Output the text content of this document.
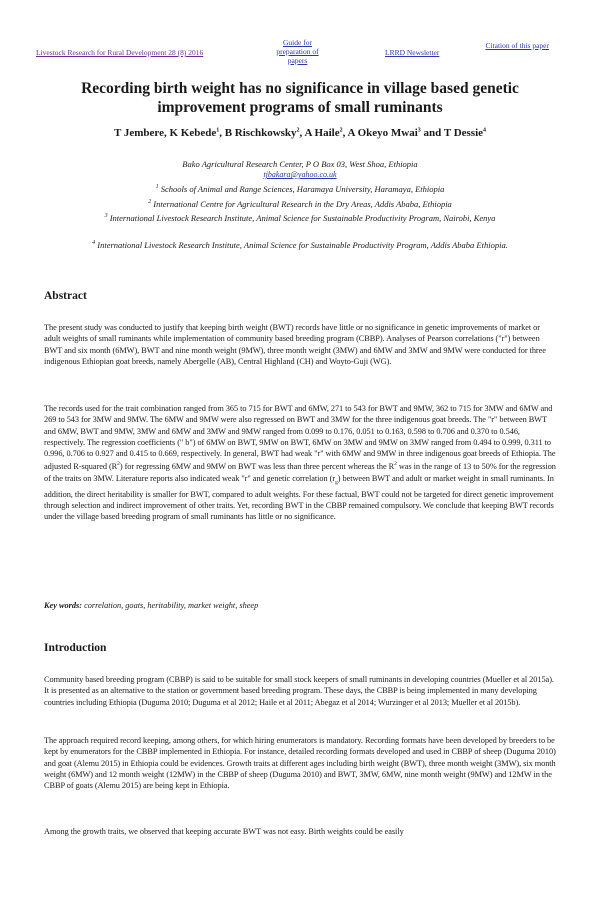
Livestock Research for Rural Development 28 (8) 2016
Guide for preparation of papers
LRRD Newsletter
Citation of this paper
Recording birth weight has no significance in village based genetic improvement programs of small ruminants
T Jembere, K Kebede$^1$, B Rischkowsky$^2$, A Haile$^2$, A Okeyo Mwai$^3$ and T Dessie$^4$
Bako Agricultural Research Center, P O Box 03, West Shoa, Ethiopia
tjbakara@yahoo.co.uk
$^1$ Schools of Animal and Range Sciences, Haramaya University, Haramaya, Ethiopia
$^2$ International Centre for Agricultural Research in the Dry Areas, Addis Ababa, Ethiopia
$^3$ International Livestock Research Institute, Animal Science for Sustainable Productivity Program, Nairobi, Kenya
$^4$ International Livestock Research Institute, Animal Science for Sustainable Productivity Program, Addis Ababa Ethiopia.
Abstract
The present study was conducted to justify that keeping birth weight (BWT) records have little or no significance in genetic improvements of market or adult weights of small ruminants while implementation of community based breeding program (CBBP). Analyses of Pearson correlations ("r") between BWT and six month (6MW), BWT and nine month weight (9MW), three month weight (3MW) and 6MW and 3MW and 9MW were conducted for three indigenous Ethiopian goat breeds, namely Abergelle (AB), Central Highland (CH) and Woyto-Guji (WG).
The records used for the trait combination ranged from 365 to 715 for BWT and 6MW, 271 to 543 for BWT and 9MW, 362 to 715 for 3MW and 6MW and 269 to 543 for 3MW and 9MW. The 6MW and 9MW were also regressed on BWT and 3MW for the three indigenous goat breeds. The "r" between BWT and 6MW, BWT and 9MW, 3MW and 6MW and 3MW and 9MW ranged from 0.099 to 0.176, 0.051 to 0.163, 0.598 to 0.706 and 0.370 to 0.546, respectively. The regression coefficients (" b") of 6MW on BWT, 9MW on BWT, 6MW on 3MW and 9MW on 3MW ranged from 0.494 to 0.999, 0.311 to 0.996, 0.706 to 0.927 and 0.415 to 0.669, respectively. In general, BWT had weak "r" with 6MW and 9MW in three indigenous goat breeds of Ethiopia. The adjusted R-squared $(R^2)$ for regressing 6MW and 9MW on BWT was less than three percent whereas the $R^2$ was in the range of 13 to 50% for the regression of the traits on 3MW. Literature reports also indicated weak "r" and genetic correlation $(r_g)$ between BWT and adult or market weight in small ruminants. In addition, the direct heritability is smaller for BWT, compared to adult weights. For these factual, BWT could not be targeted for direct genetic improvement through selection and indirect improvement of other traits. Yet, recording BWT in the CBBP remained compulsory. We conclude that keeping BWT records under the village based breeding program of small ruminants has little or no significance.
Key words: correlation, goats, heritability, market weight, sheep
Introduction
Community based breeding program (CBBP) is said to be suitable for small stock keepers of small ruminants in developing countries (Mueller et al 2015a). It is presented as an alternative to the station or government based breeding program. These days, the CBBP is being implemented in many developing countries including Ethiopia (Duguma 2010; Duguma et al 2012; Haile et al 2011; Abegaz et al 2014; Wurzinger et al 2013; Mueller et al 2015b).
The approach required record keeping, among others, for which hiring enumerators is mandatory. Recording formats have been developed by breeders to be kept by enumerators for the CBBP implemented in Ethiopia. For instance, detailed recording formats developed and used in CBBP of sheep (Duguma 2010) and goat (Alemu 2015) in Ethiopia could be evidences. Growth traits at different ages including birth weight (BWT), three month weight (3MW), six month weight (6MW) and 12 month weight (12MW) in the CBBP of sheep (Duguma 2010) and BWT, 3MW, 6MW, nine month weight (9MW) and 12MW in the CBBP of goats (Alemu 2015) are being kept in Ethiopia.
Among the growth traits, we observed that keeping accurate BWT was not easy. Birth weights could be easily
